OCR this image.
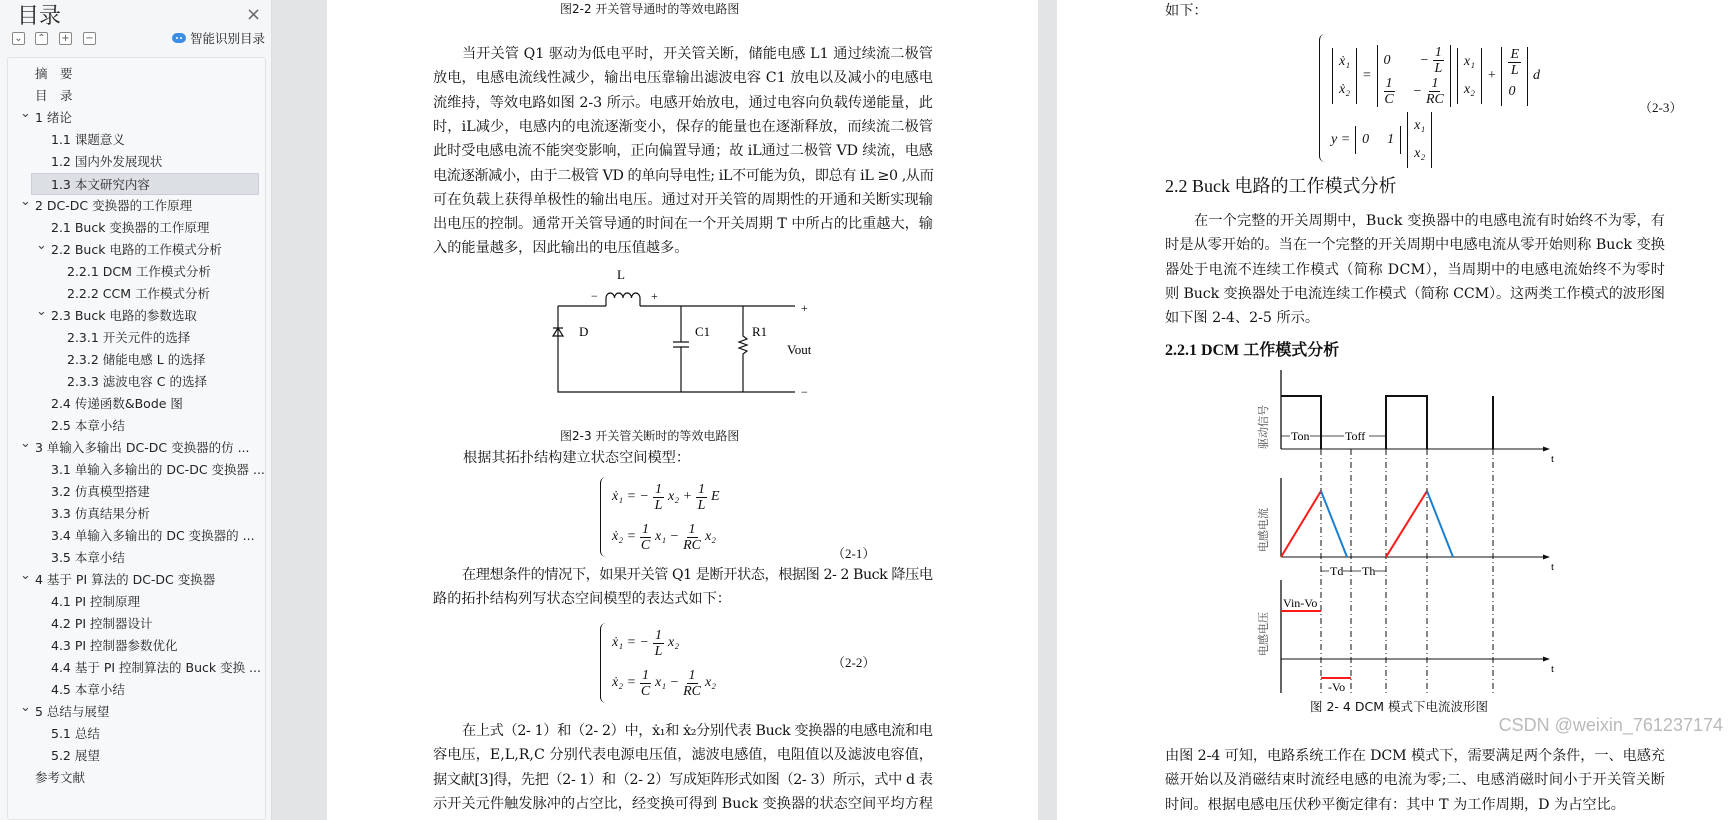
目录	×
⌄ ⌃ + −	智能识别目录
摘　要
目　录
⌄ 1 绪论
1.1 课题意义
1.2 国内外发展现状
1.3 本文研究内容
⌄ 2 DC-DC 变换器的工作原理
2.1 Buck 变换器的工作原理
⌄ 2.2 Buck 电路的工作模式分析
2.2.1 DCM 工作模式分析
2.2.2 CCM 工作模式分析
⌄ 2.3 Buck 电路的参数选取
2.3.1 开关元件的选择
2.3.2 储能电感 L 的选择
2.3.3 滤波电容 C 的选择
2.4 传递函数&Bode 图
2.5 本章小结
⌄ 3 单输入多输出 DC-DC 变换器的仿 ...
3.1 单输入多输出的 DC-DC 变换器 ...
3.2 仿真模型搭建
3.3 仿真结果分析
3.4 单输入多输出的 DC 变换器的 ...
3.5 本章小结
⌄ 4 基于 PI 算法的 DC-DC 变换器
4.1 PI 控制原理
4.2 PI 控制器设计
4.3 PI 控制器参数优化
4.4 基于 PI 控制算法的 Buck 变换 ...
4.5 本章小结
⌄ 5 总结与展望
5.1 总结
5.2 展望
参考文献
图2-2 开关管导通时的等效电路图
当开关管 Q1 驱动为低电平时，开关管关断，储能电感 L1 通过续流二极管
放电，电感电流线性减少，输出电压靠输出滤波电容 C1 放电以及减小的电感电
流维持，等效电路如图 2-3 所示。电感开始放电，通过电容向负载传递能量，此
时，iL减少，电感内的电流逐渐变小，保存的能量也在逐渐释放，而续流二极管
此时受电感电流不能突变影响，正向偏置导通；故 iL通过二极管 VD 续流，电感
电流逐渐减小，由于二极管 VD 的单向导电性; iL不可能为负，即总有 iL ≥0 ,从而
可在负载上获得单极性的输出电压。通过对开关管的周期性的开通和关断实现输
出电压的控制。通常开关管导通的时间在一个开关周期 T 中所占的比重越大，输
入的能量越多，因此输出的电压值越多。
L
−	+
D	C1	R1
Vout
+
−
图2-3 开关管关断时的等效电路图
根据其拓扑结构建立状态空间模型：
ẋ₁ = − $\frac{1}{L} x_2 + \frac{1}{L}$ E
ẋ₂ = $\frac{1}{C} x_1 - \frac{1}{RC} x_2$
（2-1）
在理想条件的情况下，如果开关管 Q1 是断开状态，根据图 2- 2 Buck 降压电
路的拓扑结构列写状态空间模型的表达式如下：
ẋ₁ = − $\frac{1}{L} x_2$
ẋ₂ = $\frac{1}{C} x_1 - \frac{1}{RC} x_2$
（2-2）
在上式（2- 1）和（2- 2）中，ẋ₁和 ẋ₂分别代表 Buck 变换器的电感电流和电
容电压，E,L,R,C 分别代表电源电压值，滤波电感值，电阻值以及滤波电容值，
据文献[3]得，先把（2- 1）和（2- 2）写成矩阵形式如图（2- 3）所示，式中 d 表
示开关元件触发脉冲的占空比，经变换可得到 Buck 变换器的状态空间平均方程
如下：
ẋ₁
ẋ₂
=
$0 - \frac{1}{L}$
$\frac{1}{C} - \frac{1}{RC}$
x₁
x₂
+ $\frac{E}{L}$
0
d
y = 0 1
x₁
x₂
（2-3）
2.2 Buck 电路的工作模式分析
在一个完整的开关周期中，Buck 变换器中的电感电流有时始终不为零，有
时是从零开始的。当在一个完整的开关周期中电感电流从零开始则称 Buck 变换
器处于电流不连续工作模式（简称 DCM），当周期中的电感电流始终不为零时
则 Buck 变换器处于电流连续工作模式（简称 CCM）。这两类工作模式的波形图
如下图 2-4、2-5 所示。
2.2.1 DCM 工作模式分析
t
t
t
Ton	Toff
Td Th
Vin-Vo
-Vo
驱动信号
电感电流
电感电压
图 2- 4 DCM 模式下电流波形图
由图 2-4 可知，电路系统工作在 DCM 模式下，需要满足两个条件，一、电感充
磁开始以及消磁结束时流经电感的电流为零;二、电感消磁时间小于开关管关断
时间。根据电感电压伏秒平衡定律有：其中 T 为工作周期，D 为占空比。
CSDN @weixin_761237174
